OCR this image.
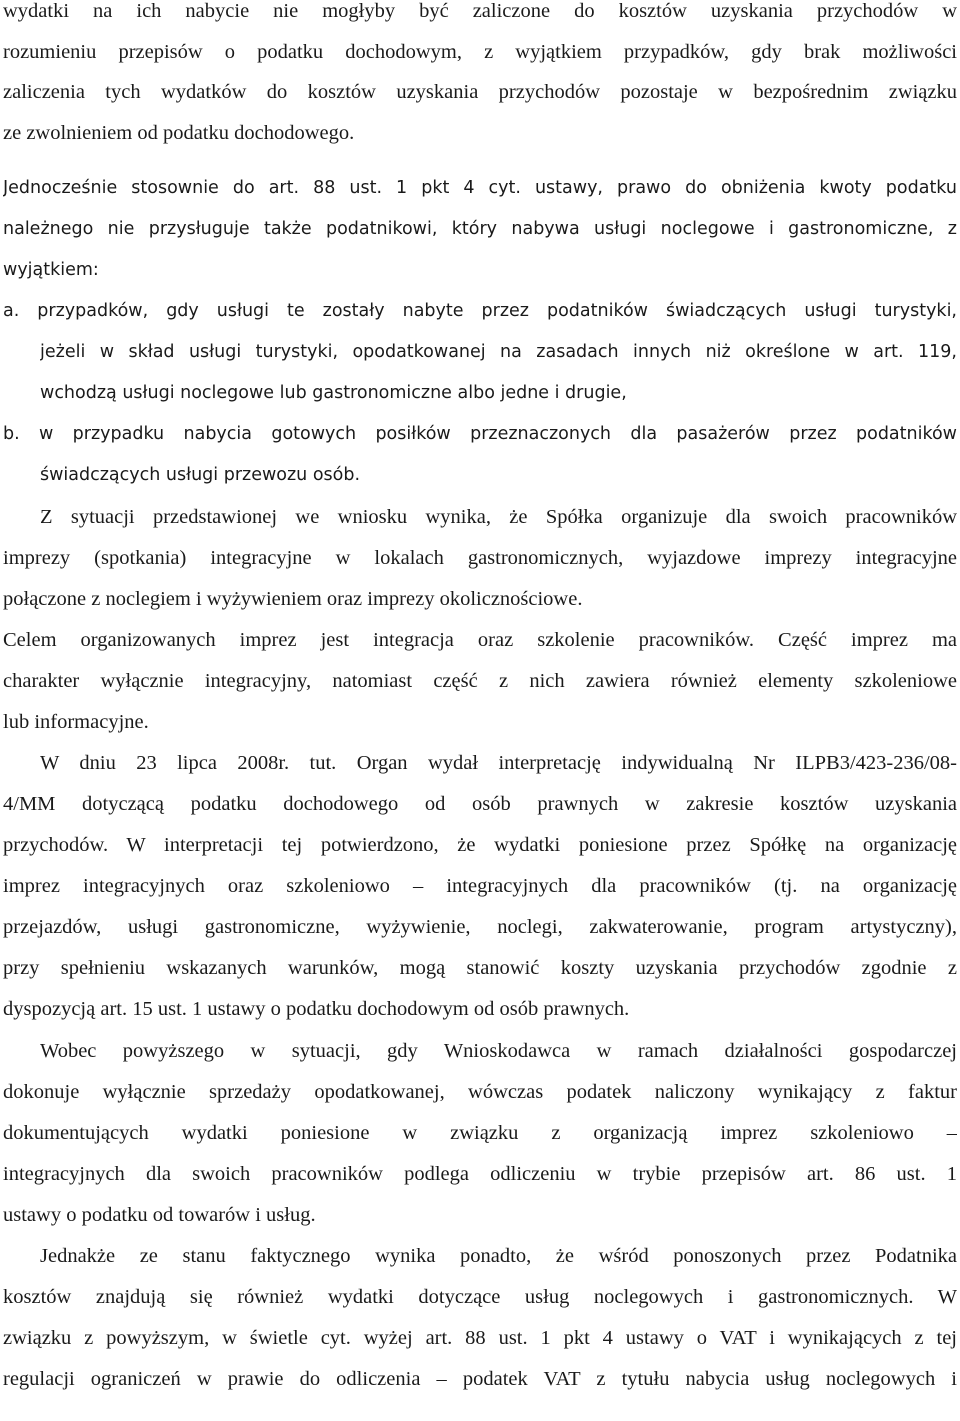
wydatki na ich nabycie nie mogłyby być zaliczone do kosztów uzyskania przychodów w
rozumieniu przepisów o podatku dochodowym, z wyjątkiem przypadków, gdy brak możliwości
zaliczenia tych wydatków do kosztów uzyskania przychodów pozostaje w bezpośrednim związku
ze zwolnieniem od podatku dochodowego.
Jednocześnie stosownie do art. 88 ust. 1 pkt 4 cyt. ustawy, prawo do obniżenia kwoty podatku
należnego nie przysługuje także podatnikowi, który nabywa usługi noclegowe i gastronomiczne, z
wyjątkiem:
a. przypadków, gdy usługi te zostały nabyte przez podatników świadczących usługi turystyki,
jeżeli w skład usługi turystyki, opodatkowanej na zasadach innych niż określone w art. 119,
wchodzą usługi noclegowe lub gastronomiczne albo jedne i drugie,
b. w przypadku nabycia gotowych posiłków przeznaczonych dla pasażerów przez podatników
świadczących usługi przewozu osób.
Z sytuacji przedstawionej we wniosku wynika, że Spółka organizuje dla swoich pracowników
imprezy (spotkania) integracyjne w lokalach gastronomicznych, wyjazdowe imprezy integracyjne
połączone z noclegiem i wyżywieniem oraz imprezy okolicznościowe.
Celem organizowanych imprez jest integracja oraz szkolenie pracowników. Część imprez ma
charakter wyłącznie integracyjny, natomiast część z nich zawiera również elementy szkoleniowe
lub informacyjne.
W dniu 23 lipca 2008r. tut. Organ wydał interpretację indywidualną Nr ILPB3/423-236/08-
4/MM dotyczącą podatku dochodowego od osób prawnych w zakresie kosztów uzyskania
przychodów. W interpretacji tej potwierdzono, że wydatki poniesione przez Spółkę na organizację
imprez integracyjnych oraz szkoleniowo – integracyjnych dla pracowników (tj. na organizację
przejazdów, usługi gastronomiczne, wyżywienie, noclegi, zakwaterowanie, program artystyczny),
przy spełnieniu wskazanych warunków, mogą stanowić koszty uzyskania przychodów zgodnie z
dyspozycją art. 15 ust. 1 ustawy o podatku dochodowym od osób prawnych.
Wobec powyższego w sytuacji, gdy Wnioskodawca w ramach działalności gospodarczej
dokonuje wyłącznie sprzedaży opodatkowanej, wówczas podatek naliczony wynikający z faktur
dokumentujących wydatki poniesione w związku z organizacją imprez szkoleniowo –
integracyjnych dla swoich pracowników podlega odliczeniu w trybie przepisów art. 86 ust. 1
ustawy o podatku od towarów i usług.
Jednakże ze stanu faktycznego wynika ponadto, że wśród ponoszonych przez Podatnika
kosztów znajdują się również wydatki dotyczące usług noclegowych i gastronomicznych. W
związku z powyższym, w świetle cyt. wyżej art. 88 ust. 1 pkt 4 ustawy o VAT i wynikających z tej
regulacji ograniczeń w prawie do odliczenia – podatek VAT z tytułu nabycia usług noclegowych i
